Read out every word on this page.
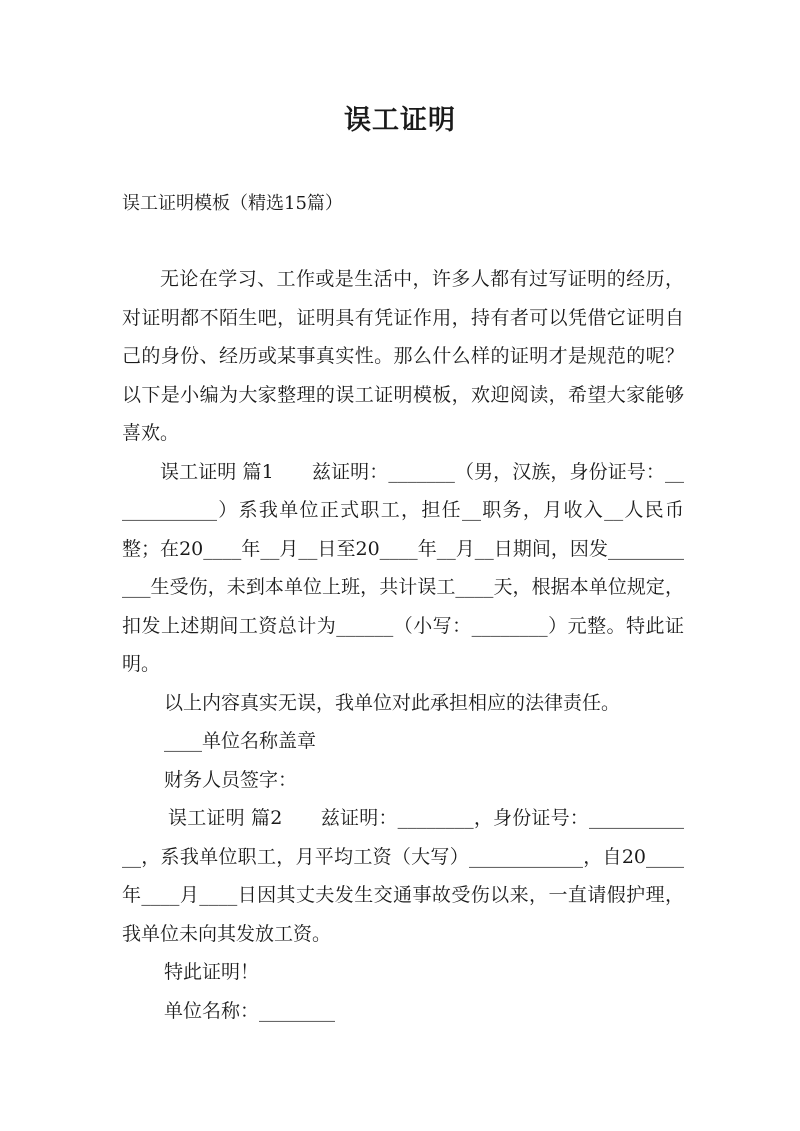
误工证明

误工证明模板（精选15篇）

无论在学习、工作或是生活中，许多人都有过写证明的经历，对证明都不陌生吧，证明具有凭证作用，持有者可以凭借它证明自己的身份、经历或某事真实性。那么什么样的证明才是规范的呢？以下是小编为大家整理的误工证明模板，欢迎阅读，希望大家能够喜欢。

误工证明 篇1　　兹证明：_______（男，汉族，身份证号：____________）系我单位正式职工，担任__职务，月收入__人民币整；在20____年__月__日至20____年__月__日期间，因发___________生受伤，未到本单位上班，共计误工____天，根据本单位规定，扣发上述期间工资总计为______（小写：________）元整。特此证明。

以上内容真实无误，我单位对此承担相应的法律责任。

____单位名称盖章

财务人员签字：

误工证明 篇2　　兹证明：________，身份证号：____________，系我单位职工，月平均工资（大写）____________，自20____年____月____日因其丈夫发生交通事故受伤以来，一直请假护理，我单位未向其发放工资。

特此证明！

单位名称：________
